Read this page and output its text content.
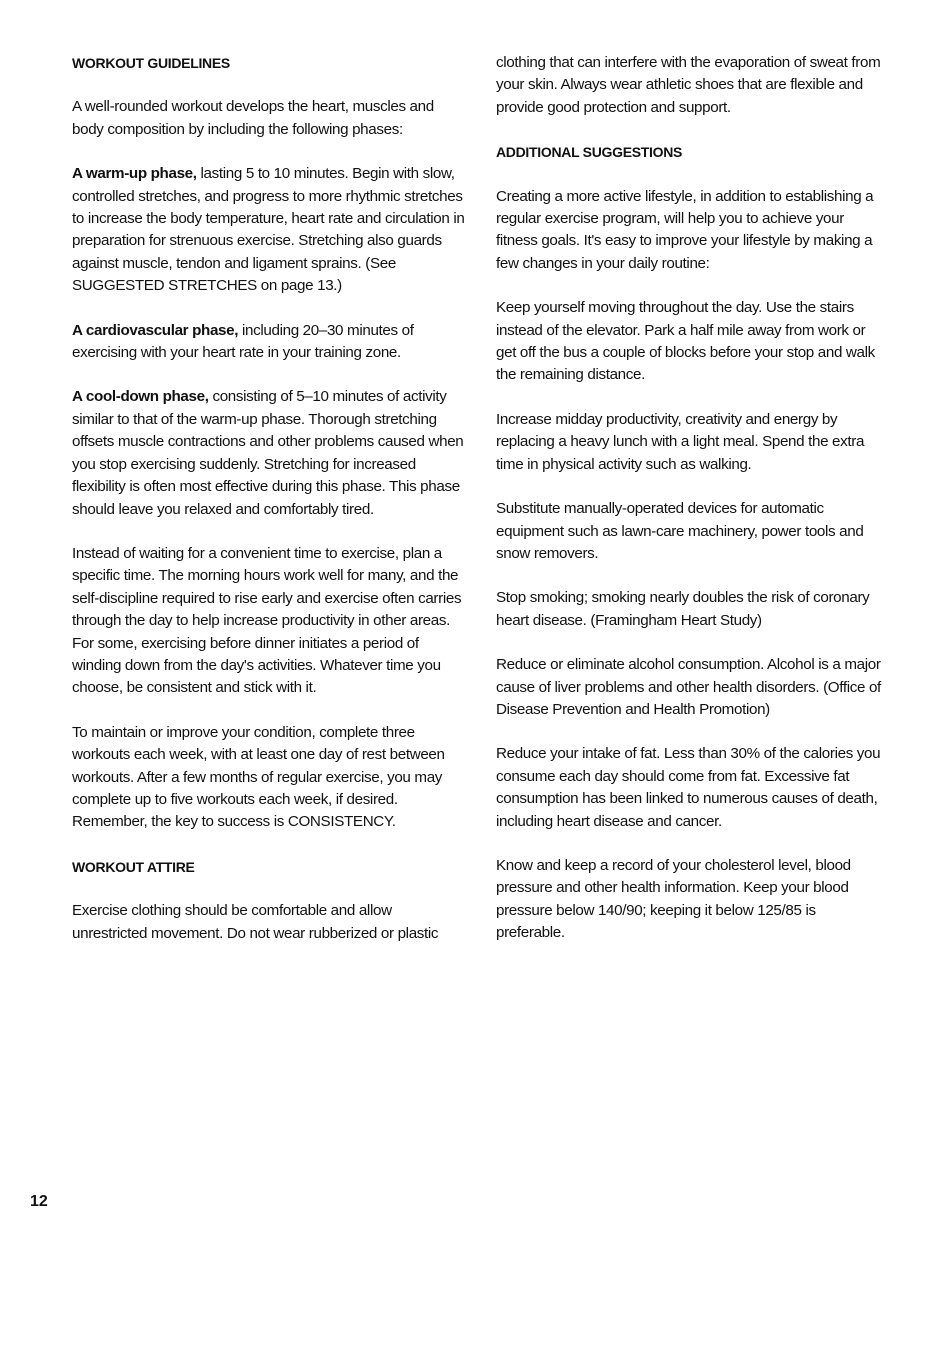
WORKOUT GUIDELINES

A well-rounded workout develops the heart, muscles and body composition by including the following phases:

A warm-up phase, lasting 5 to 10 minutes. Begin with slow, controlled stretches, and progress to more rhythmic stretches to increase the body temperature, heart rate and circulation in preparation for strenuous exercise. Stretching also guards against muscle, tendon and ligament sprains. (See SUGGESTED STRETCHES on page 13.)

A cardiovascular phase, including 20–30 minutes of exercising with your heart rate in your training zone.

A cool-down phase, consisting of 5–10 minutes of activity similar to that of the warm-up phase. Thorough stretching offsets muscle contractions and other problems caused when you stop exercising suddenly. Stretching for increased flexibility is often most effective during this phase. This phase should leave you relaxed and comfortably tired.

Instead of waiting for a convenient time to exercise, plan a specific time. The morning hours work well for many, and the self-discipline required to rise early and exercise often carries through the day to help increase productivity in other areas. For some, exercising before dinner initiates a period of winding down from the day's activities. Whatever time you choose, be consistent and stick with it.

To maintain or improve your condition, complete three workouts each week, with at least one day of rest between workouts. After a few months of regular exercise, you may complete up to five workouts each week, if desired. Remember, the key to success is CONSISTENCY.

WORKOUT ATTIRE

Exercise clothing should be comfortable and allow unrestricted movement. Do not wear rubberized or plastic

clothing that can interfere with the evaporation of sweat from your skin. Always wear athletic shoes that are flexible and provide good protection and support.

ADDITIONAL SUGGESTIONS

Creating a more active lifestyle, in addition to establishing a regular exercise program, will help you to achieve your fitness goals. It's easy to improve your lifestyle by making a few changes in your daily routine:

Keep yourself moving throughout the day. Use the stairs instead of the elevator. Park a half mile away from work or get off the bus a couple of blocks before your stop and walk the remaining distance.

Increase midday productivity, creativity and energy by replacing a heavy lunch with a light meal. Spend the extra time in physical activity such as walking.

Substitute manually-operated devices for automatic equipment such as lawn-care machinery, power tools and snow removers.

Stop smoking; smoking nearly doubles the risk of coronary heart disease. (Framingham Heart Study)

Reduce or eliminate alcohol consumption. Alcohol is a major cause of liver problems and other health disorders. (Office of Disease Prevention and Health Promotion)

Reduce your intake of fat. Less than 30% of the calories you consume each day should come from fat. Excessive fat consumption has been linked to numerous causes of death, including heart disease and cancer.

Know and keep a record of your cholesterol level, blood pressure and other health information. Keep your blood pressure below 140/90; keeping it below 125/85 is preferable.

12
